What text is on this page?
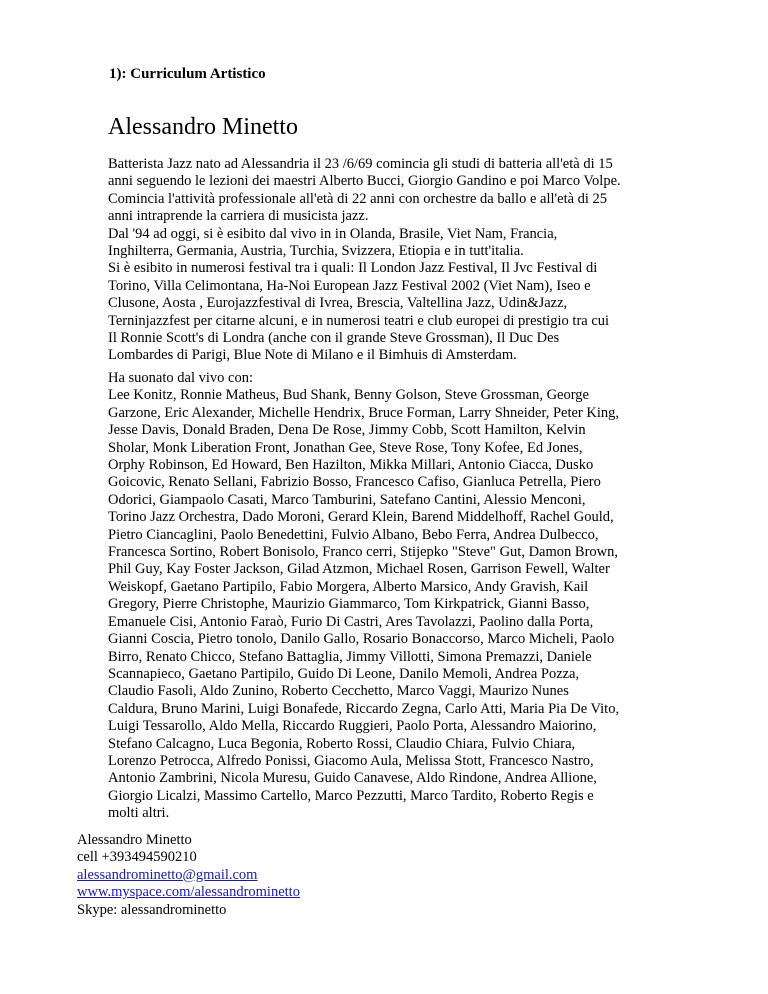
1): Curriculum Artistico
Alessandro Minetto
Batterista Jazz nato ad Alessandria il 23 /6/69 comincia gli studi di batteria all'età di 15
anni seguendo le lezioni dei maestri Alberto Bucci, Giorgio Gandino e poi Marco Volpe.
Comincia l'attività professionale all'età di 22 anni con orchestre da ballo e all'età di 25
anni intraprende la carriera di musicista jazz.
Dal '94 ad oggi, si è esibito dal vivo in in Olanda, Brasile, Viet Nam, Francia,
Inghilterra, Germania, Austria, Turchia, Svizzera, Etiopia e in tutt'italia.
Si è esibito in numerosi festival tra i quali: Il London Jazz Festival, Il Jvc Festival di
Torino, Villa Celimontana, Ha-Noi European Jazz Festival 2002 (Viet Nam), Iseo e
Clusone, Aosta , Eurojazzfestival di Ivrea, Brescia, Valtellina Jazz, Udin&Jazz,
Terninjazzfest per citarne alcuni, e in numerosi teatri e club europei di prestigio tra cui
Il Ronnie Scott's di Londra (anche con il grande Steve Grossman), Il Duc Des
Lombardes di Parigi, Blue Note di Milano e il Bimhuis di Amsterdam.
Ha suonato dal vivo con:
Lee Konitz, Ronnie Matheus, Bud Shank, Benny Golson, Steve Grossman, George
Garzone, Eric Alexander, Michelle Hendrix, Bruce Forman, Larry Shneider, Peter King,
Jesse Davis, Donald Braden, Dena De Rose, Jimmy Cobb, Scott Hamilton, Kelvin
Sholar, Monk Liberation Front, Jonathan Gee, Steve Rose, Tony Kofee, Ed Jones,
Orphy Robinson, Ed Howard, Ben Hazilton, Mikka Millari, Antonio Ciacca, Dusko
Goicovic, Renato Sellani, Fabrizio Bosso, Francesco Cafiso, Gianluca Petrella, Piero
Odorici, Giampaolo Casati, Marco Tamburini, Satefano Cantini, Alessio Menconi,
Torino Jazz Orchestra, Dado Moroni, Gerard Klein, Barend Middelhoff, Rachel Gould,
Pietro Ciancaglini, Paolo Benedettini, Fulvio Albano, Bebo Ferra, Andrea Dulbecco,
Francesca Sortino, Robert Bonisolo, Franco cerri, Stijepko "Steve" Gut, Damon Brown,
Phil Guy, Kay Foster Jackson, Gilad Atzmon, Michael Rosen, Garrison Fewell, Walter
Weiskopf, Gaetano Partipilo, Fabio Morgera, Alberto Marsico, Andy Gravish, Kail
Gregory, Pierre Christophe, Maurizio Giammarco, Tom Kirkpatrick, Gianni Basso,
Emanuele Cisi, Antonio Faraò, Furio Di Castri, Ares Tavolazzi, Paolino dalla Porta,
Gianni Coscia, Pietro tonolo, Danilo Gallo, Rosario Bonaccorso, Marco Micheli, Paolo
Birro, Renato Chicco, Stefano Battaglia, Jimmy Villotti, Simona Premazzi, Daniele
Scannapieco, Gaetano Partipilo, Guido Di Leone, Danilo Memoli, Andrea Pozza,
Claudio Fasoli, Aldo Zunino, Roberto Cecchetto, Marco Vaggi, Maurizo Nunes
Caldura, Bruno Marini, Luigi Bonafede, Riccardo Zegna, Carlo Atti, Maria Pia De Vito,
Luigi Tessarollo, Aldo Mella, Riccardo Ruggieri, Paolo Porta, Alessandro Maiorino,
Stefano Calcagno, Luca Begonia, Roberto Rossi, Claudio Chiara, Fulvio Chiara,
Lorenzo Petrocca, Alfredo Ponissi, Giacomo Aula, Melissa Stott, Francesco Nastro,
Antonio Zambrini, Nicola Muresu, Guido Canavese, Aldo Rindone, Andrea Allione,
Giorgio Licalzi, Massimo Cartello, Marco Pezzutti, Marco Tardito, Roberto Regis e
molti altri.
Alessandro Minetto
cell +393494590210
alessandrominetto@gmail.com
www.myspace.com/alessandrominetto
Skype: alessandrominetto
